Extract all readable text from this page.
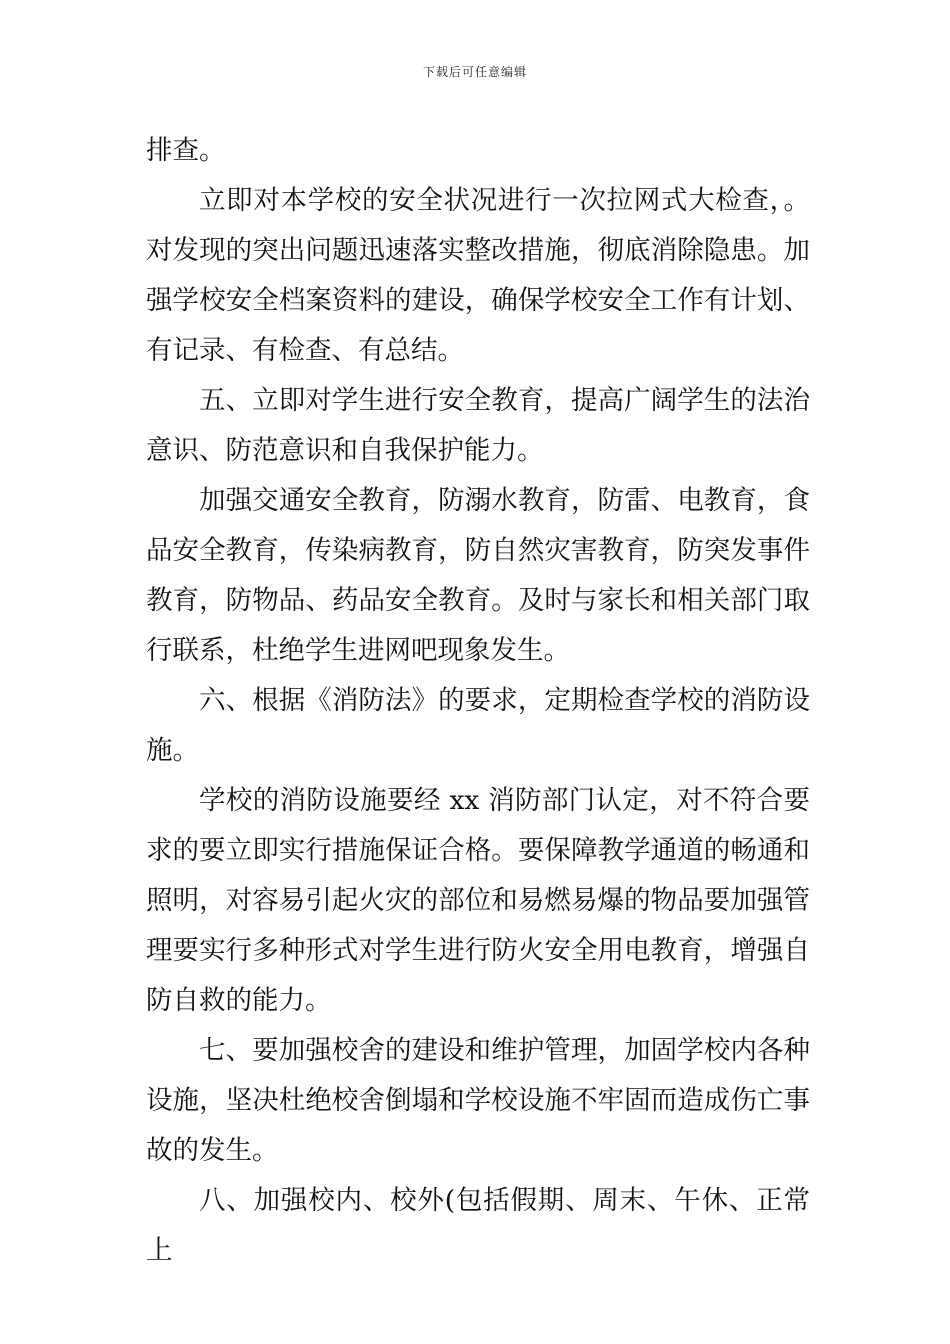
下载后可任意编辑

排查。

立即对本学校的安全状况进行一次拉网式大检查，。对发现的突出问题迅速落实整改措施，彻底消除隐患。加强学校安全档案资料的建设，确保学校安全工作有计划、有记录、有检查、有总结。

五、立即对学生进行安全教育，提高广阔学生的法治意识、防范意识和自我保护能力。

加强交通安全教育，防溺水教育，防雷、电教育，食品安全教育，传染病教育，防自然灾害教育，防突发事件教育，防物品、药品安全教育。及时与家长和相关部门取行联系，杜绝学生进网吧现象发生。

六、根据《消防法》的要求，定期检查学校的消防设施。

学校的消防设施要经 xx 消防部门认定，对不符合要求的要立即实行措施保证合格。要保障教学通道的畅通和照明，对容易引起火灾的部位和易燃易爆的物品要加强管理要实行多种形式对学生进行防火安全用电教育，增强自防自救的能力。

七、要加强校舍的建设和维护管理，加固学校内各种设施，坚决杜绝校舍倒塌和学校设施不牢固而造成伤亡事故的发生。

八、加强校内、校外(包括假期、周末、午休、正常上
